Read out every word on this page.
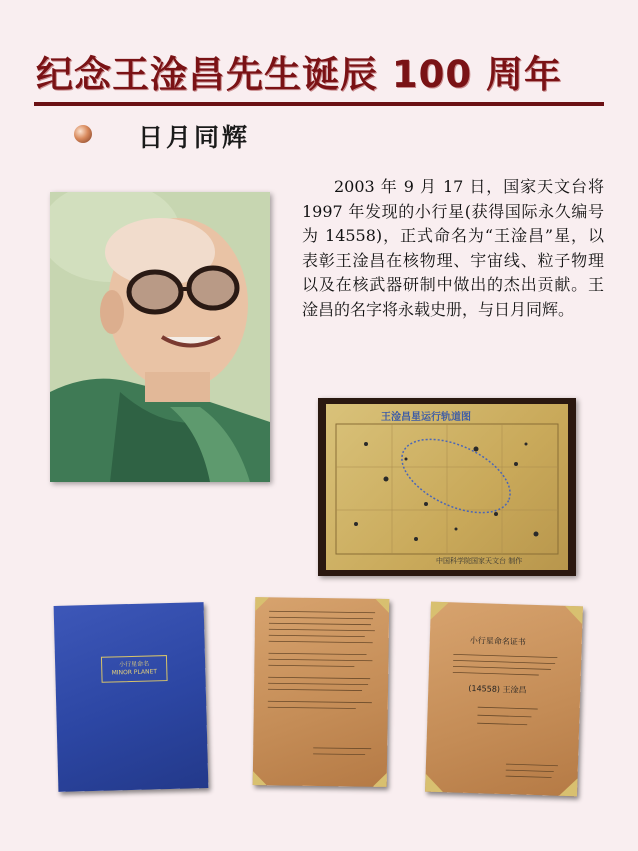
纪念王淦昌先生诞辰 100 周年
日月同辉
2003 年 9 月 17 日，国家天文台将 1997 年发现的小行星(获得国际永久编号为 14558)，正式命名为“王淦昌”星，以表彰王淦昌在核物理、宇宙线、粒子物理以及在核武器研制中做出的杰出贡献。王淦昌的名字将永载史册，与日月同辉。
王淦昌星运行轨道图
中国科学院国家天文台 制作
小行星命名
MINOR PLANET
小行星命名证书
(14558) 王淦昌
